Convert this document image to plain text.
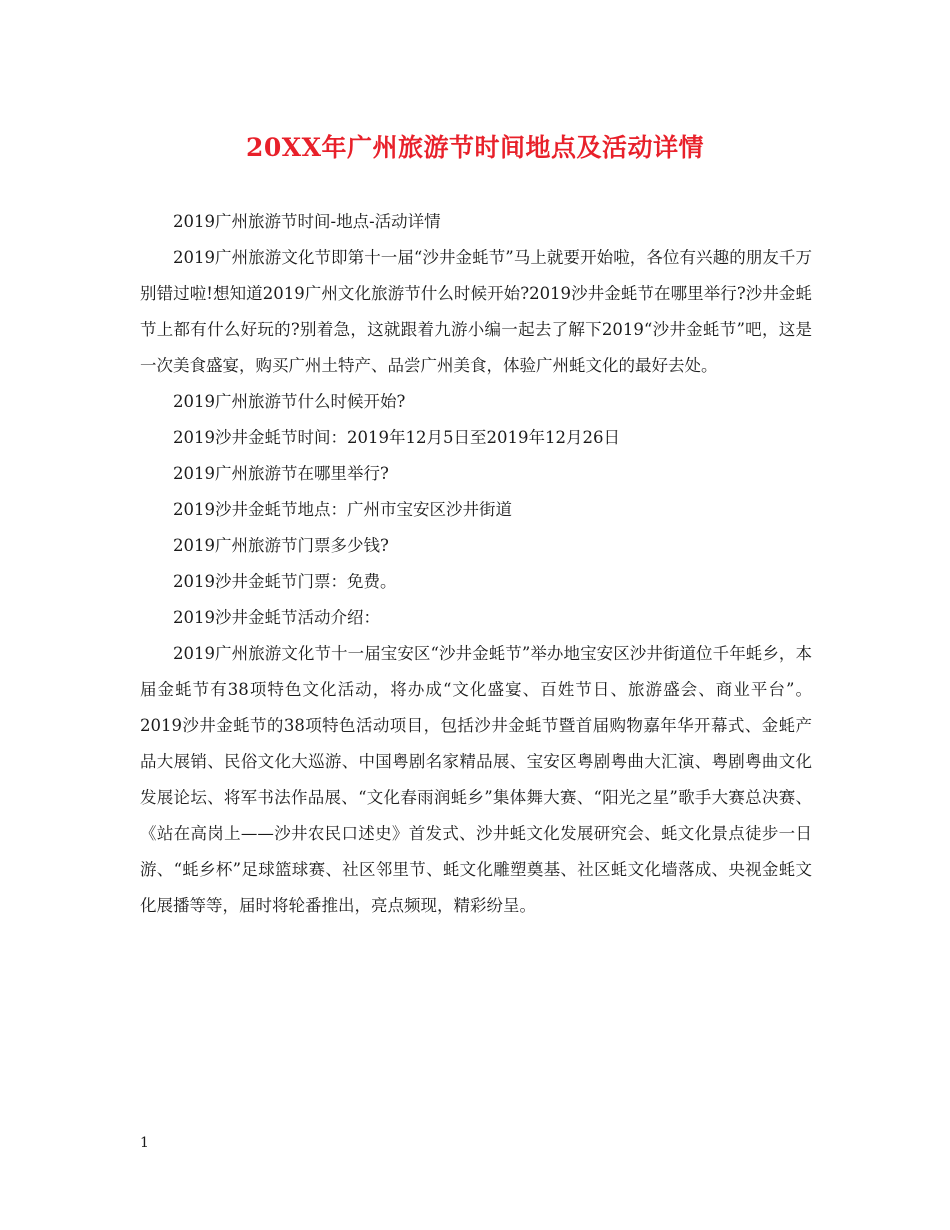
20XX年广州旅游节时间地点及活动详情

2019广州旅游节时间-地点-活动详情

2019广州旅游文化节即第十一届“沙井金蚝节”马上就要开始啦，各位有兴趣的朋友千万别错过啦!想知道2019广州文化旅游节什么时候开始?2019沙井金蚝节在哪里举行?沙井金蚝节上都有什么好玩的?别着急，这就跟着九游小编一起去了解下2019“沙井金蚝节”吧，这是一次美食盛宴，购买广州土特产、品尝广州美食，体验广州蚝文化的最好去处。

2019广州旅游节什么时候开始?

2019沙井金蚝节时间：2019年12月5日至2019年12月26日

2019广州旅游节在哪里举行?

2019沙井金蚝节地点：广州市宝安区沙井街道

2019广州旅游节门票多少钱?

2019沙井金蚝节门票：免费。

2019沙井金蚝节活动介绍：

2019广州旅游文化节十一届宝安区“沙井金蚝节”举办地宝安区沙井街道位千年蚝乡，本届金蚝节有38项特色文化活动，将办成“文化盛宴、百姓节日、旅游盛会、商业平台”。2019沙井金蚝节的38项特色活动项目，包括沙井金蚝节暨首届购物嘉年华开幕式、金蚝产品大展销、民俗文化大巡游、中国粤剧名家精品展、宝安区粤剧粤曲大汇演、粤剧粤曲文化发展论坛、将军书法作品展、“文化春雨润蚝乡”集体舞大赛、“阳光之星”歌手大赛总决赛、《站在高岗上——沙井农民口述史》首发式、沙井蚝文化发展研究会、蚝文化景点徒步一日游、“蚝乡杯”足球篮球赛、社区邻里节、蚝文化雕塑奠基、社区蚝文化墙落成、央视金蚝文化展播等等，届时将轮番推出，亮点频现，精彩纷呈。

1
